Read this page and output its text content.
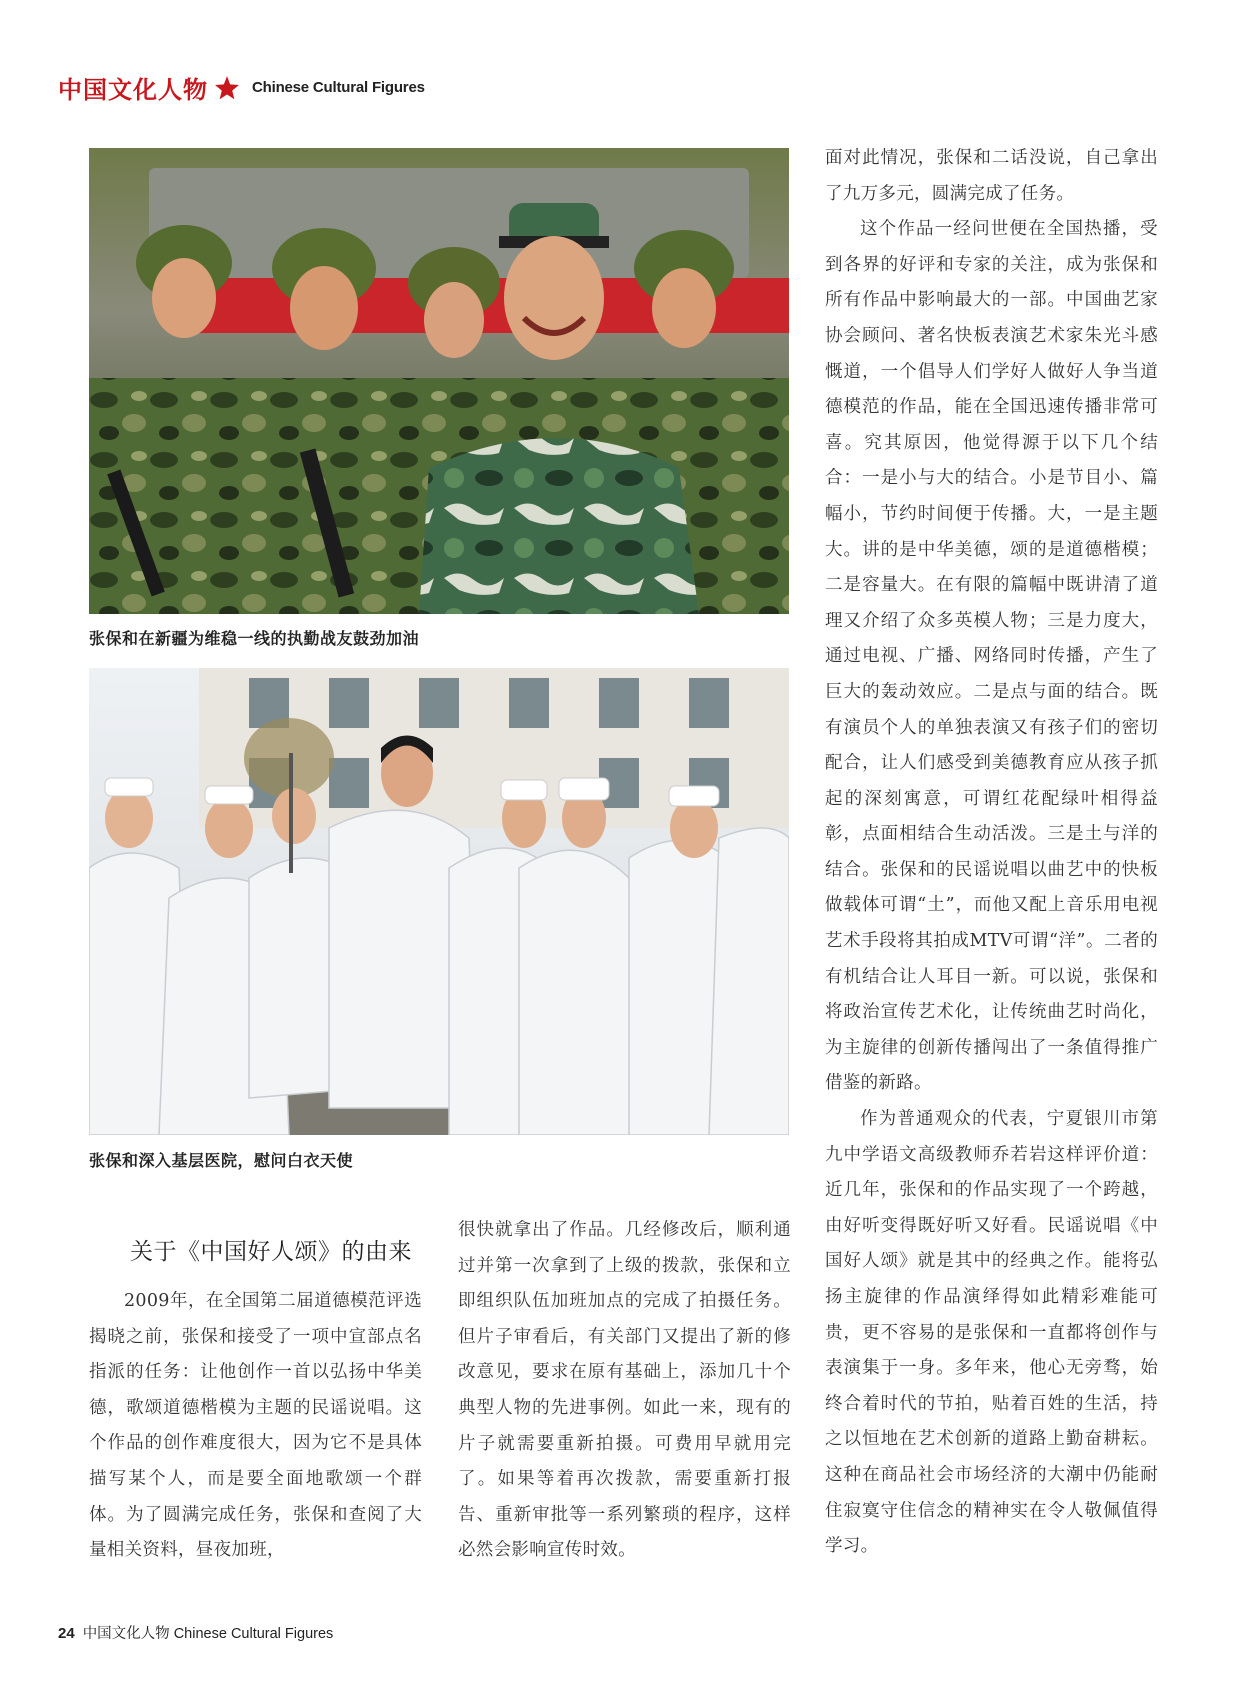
中国文化人物	Chinese Cultural Figures
张保和在新疆为维稳一线的执勤战友鼓劲加油
张保和深入基层医院，慰问白衣天使
关于《中国好人颂》的由来

2009年，在全国第二届道德模范评选揭晓之前，张保和接受了一项中宣部点名指派的任务：让他创作一首以弘扬中华美德，歌颂道德楷模为主题的民谣说唱。这个作品的创作难度很大，因为它不是具体描写某个人，而是要全面地歌颂一个群体。为了圆满完成任务，张保和查阅了大量相关资料，昼夜加班，

很快就拿出了作品。几经修改后，顺利通过并第一次拿到了上级的拨款，张保和立即组织队伍加班加点的完成了拍摄任务。但片子审看后，有关部门又提出了新的修改意见，要求在原有基础上，添加几十个典型人物的先进事例。如此一来，现有的片子就需要重新拍摄。可费用早就用完了。如果等着再次拨款，需要重新打报告、重新审批等一系列繁琐的程序，这样必然会影响宣传时效。

面对此情况，张保和二话没说，自己拿出了九万多元，圆满完成了任务。

这个作品一经问世便在全国热播，受到各界的好评和专家的关注，成为张保和所有作品中影响最大的一部。中国曲艺家协会顾问、著名快板表演艺术家朱光斗感慨道，一个倡导人们学好人做好人争当道德模范的作品，能在全国迅速传播非常可喜。究其原因，他觉得源于以下几个结合：一是小与大的结合。小是节目小、篇幅小，节约时间便于传播。大，一是主题大。讲的是中华美德，颂的是道德楷模；二是容量大。在有限的篇幅中既讲清了道理又介绍了众多英模人物；三是力度大，通过电视、广播、网络同时传播，产生了巨大的轰动效应。二是点与面的结合。既有演员个人的单独表演又有孩子们的密切配合，让人们感受到美德教育应从孩子抓起的深刻寓意，可谓红花配绿叶相得益彰，点面相结合生动活泼。三是土与洋的结合。张保和的民谣说唱以曲艺中的快板做载体可谓“土”，而他又配上音乐用电视艺术手段将其拍成MTV可谓“洋”。二者的有机结合让人耳目一新。可以说，张保和将政治宣传艺术化，让传统曲艺时尚化，为主旋律的创新传播闯出了一条值得推广借鉴的新路。

作为普通观众的代表，宁夏银川市第九中学语文高级教师乔若岩这样评价道：近几年，张保和的作品实现了一个跨越，由好听变得既好听又好看。民谣说唱《中国好人颂》就是其中的经典之作。能将弘扬主旋律的作品演绎得如此精彩难能可贵，更不容易的是张保和一直都将创作与表演集于一身。多年来，他心无旁骛，始终合着时代的节拍，贴着百姓的生活，持之以恒地在艺术创新的道路上勤奋耕耘。这种在商品社会市场经济的大潮中仍能耐住寂寞守住信念的精神实在令人敬佩值得学习。

24 中国文化人物 Chinese Cultural Figures
